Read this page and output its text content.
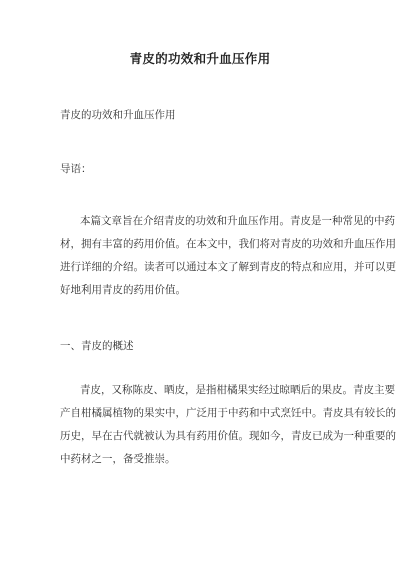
青皮的功效和升血压作用
青皮的功效和升血压作用
导语：
本篇文章旨在介绍青皮的功效和升血压作用。青皮是一种常见的中药
材，拥有丰富的药用价值。在本文中，我们将对青皮的功效和升血压作用
进行详细的介绍。读者可以通过本文了解到青皮的特点和应用，并可以更
好地利用青皮的药用价值。
一、青皮的概述
青皮，又称陈皮、晒皮，是指柑橘果实经过晾晒后的果皮。青皮主要
产自柑橘属植物的果实中，广泛用于中药和中式烹饪中。青皮具有较长的
历史，早在古代就被认为具有药用价值。现如今，青皮已成为一种重要的
中药材之一，备受推崇。
